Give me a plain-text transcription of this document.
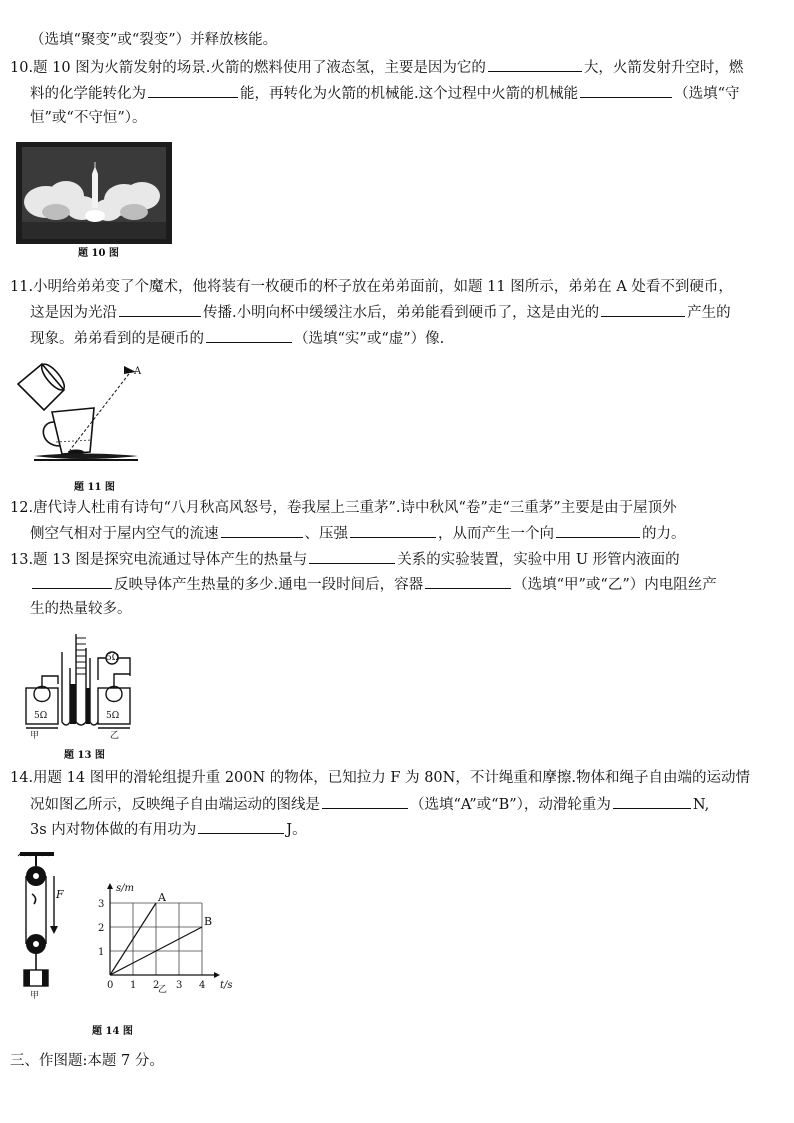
（选填“聚变”或“裂变”）并释放核能。
10.题 10 图为火箭发射的场景.火箭的燃料使用了液态氢，主要是因为它的	大，火箭发射升空时，燃
料的化学能转化为	能，再转化为火箭的机械能.这个过程中火箭的机械能	（选填“守
恒”或“不守恒”）。
题 10 图
11.小明给弟弟变了个魔术，他将装有一枚硬币的杯子放在弟弟面前，如题 11 图所示，弟弟在 A 处看不到硬币，
这是因为光沿	传播.小明向杯中缓缓注水后，弟弟能看到硬币了，这是由光的	产生的
现象。弟弟看到的是硬币的	（选填“实”或“虚”）像.
A
题 11 图
12.唐代诗人杜甫有诗句“八月秋高风怒号，卷我屋上三重茅”.诗中秋风“卷”走“三重茅”主要是由于屋顶外
侧空气相对于屋内空气的流速	、压强	，从而产生一个向	的力。
13.题 13 图是探究电流通过导体产生的热量与	关系的实验装置，实验中用 U 形管内液面的
反映导体产生热量的多少.通电一段时间后，容器	（选填“甲”或“乙”）内电阻丝产
生的热量较多。
5Ω	5Ω
5Ω
甲	乙
题 13 图
14.用题 14 图甲的滑轮组提升重 200N 的物体，已知拉力 F 为 80N，不计绳重和摩擦.物体和绳子自由端的运动情
况如图乙所示，反映绳子自由端运动的图线是	（选填“A”或“B”），动滑轮重为	N,
3s 内对物体做的有用功为	J。
F
甲
A
B
0 1 2 3 4
1
2
3
t/s
s/m
乙
题 14 图
三、作图题:本题 7 分。
